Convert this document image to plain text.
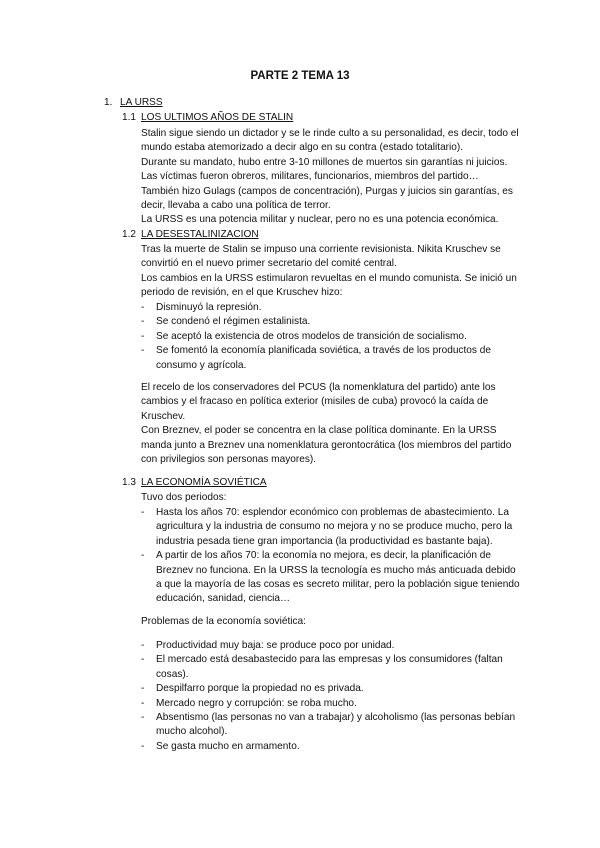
PARTE 2 TEMA 13
1. LA URSS
1.1 LOS ULTIMOS AÑOS DE STALIN

Stalin sigue siendo un dictador y se le rinde culto a su personalidad, es decir, todo el mundo estaba atemorizado a decir algo en su contra (estado totalitario).

Durante su mandato, hubo entre 3-10 millones de muertos sin garantías ni juicios. Las víctimas fueron obreros, militares, funcionarios, miembros del partido…

También hizo Gulags (campos de concentración), Purgas y juicios sin garantías, es decir, llevaba a cabo una política de terror.

La URSS es una potencia militar y nuclear, pero no es una potencia económica.

1.2 LA DESESTALINIZACION

Tras la muerte de Stalin se impuso una corriente revisionista. Nikita Kruschev se convirtió en el nuevo primer secretario del comité central.

Los cambios en la URSS estimularon revueltas en el mundo comunista. Se inició un periodo de revisión, en el que Kruschev hizo:

- Disminuyó la represión.
- Se condenó el régimen estalinista.
- Se aceptó la existencia de otros modelos de transición de socialismo.
- Se fomentó la economía planificada soviética, a través de los productos de consumo y agrícola.

El recelo de los conservadores del PCUS (la nomenklatura del partido) ante los cambios y el fracaso en política exterior (misiles de cuba) provocó la caída de Kruschev.

Con Breznev, el poder se concentra en la clase política dominante. En la URSS manda junto a Breznev una nomenklatura gerontocrática (los miembros del partido con privilegios son personas mayores).

1.3 LA ECONOMÍA SOVIÉTICA
Tuvo dos periodos:
- Hasta los años 70: esplendor económico con problemas de abastecimiento. La agricultura y la industria de consumo no mejora y no se produce mucho, pero la industria pesada tiene gran importancia (la productividad es bastante baja).
- A partir de los años 70: la economía no mejora, es decir, la planificación de Breznev no funciona. En la URSS la tecnología es mucho más anticuada debido a que la mayoría de las cosas es secreto militar, pero la población sigue teniendo educación, sanidad, ciencia…
Problemas de la economía soviética:
- Productividad muy baja: se produce poco por unidad.
- El mercado está desabastecido para las empresas y los consumidores (faltan cosas).
- Despilfarro porque la propiedad no es privada.
- Mercado negro y corrupción: se roba mucho.
- Absentismo (las personas no van a trabajar) y alcoholismo (las personas bebían mucho alcohol).
- Se gasta mucho en armamento.
